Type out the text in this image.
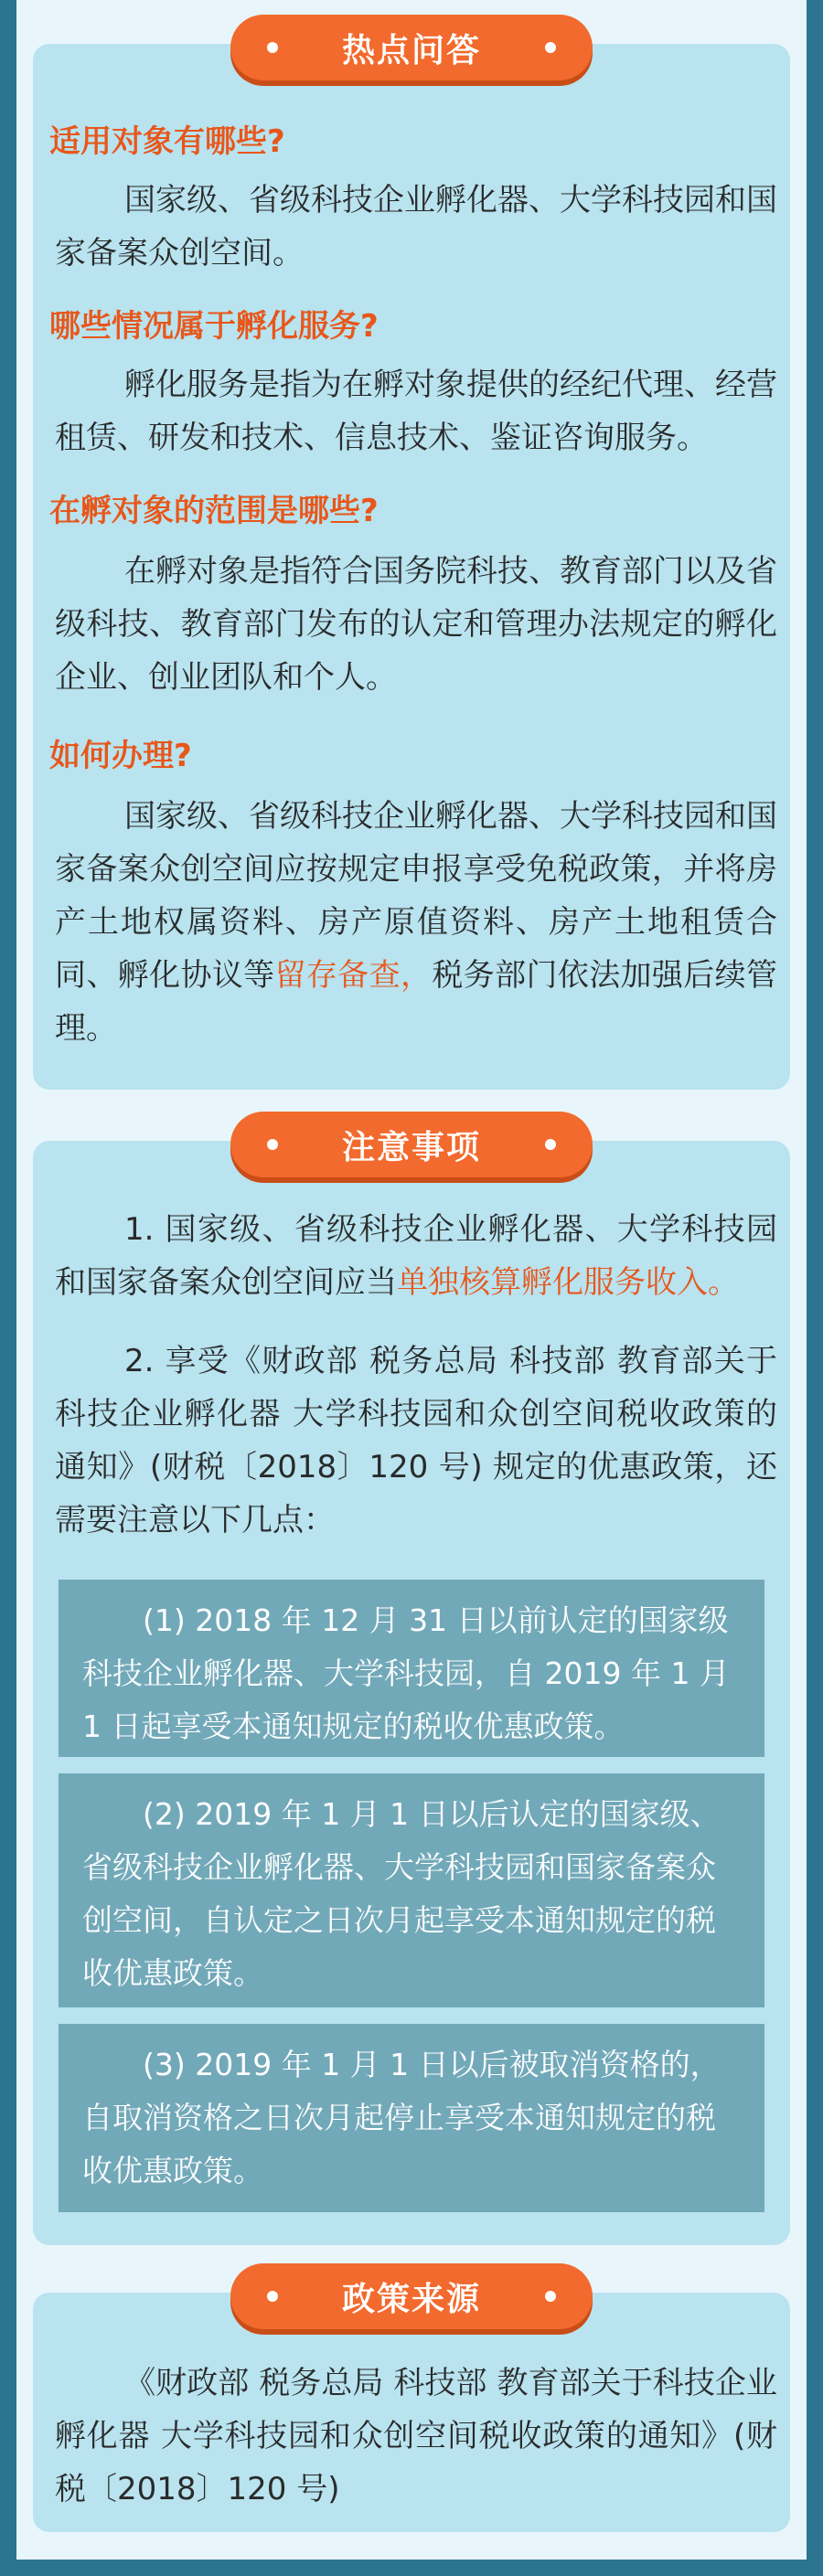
适用对象有哪些?
国家级、省级科技企业孵化器、大学科技园和国家备案众创空间。
哪些情况属于孵化服务?
孵化服务是指为在孵对象提供的经纪代理、经营租赁、研发和技术、信息技术、鉴证咨询服务。
在孵对象的范围是哪些?
在孵对象是指符合国务院科技、教育部门以及省级科技、教育部门发布的认定和管理办法规定的孵化企业、创业团队和个人。
如何办理?
国家级、省级科技企业孵化器、大学科技园和国家备案众创空间应按规定申报享受免税政策，并将房产土地权属资料、房产原值资料、房产土地租赁合同、孵化协议等留存备查，税务部门依法加强后续管理。
热点问答
1. 国家级、省级科技企业孵化器、大学科技园和国家备案众创空间应当单独核算孵化服务收入。
2. 享受《财政部 税务总局 科技部 教育部关于科技企业孵化器 大学科技园和众创空间税收政策的通知》(财税〔2018〕120 号) 规定的优惠政策，还需要注意以下几点：
(1) 2018 年 12 月 31 日以前认定的国家级科技企业孵化器、大学科技园，自 2019 年 1 月 1 日起享受本通知规定的税收优惠政策。
(2) 2019 年 1 月 1 日以后认定的国家级、省级科技企业孵化器、大学科技园和国家备案众创空间，自认定之日次月起享受本通知规定的税收优惠政策。
(3) 2019 年 1 月 1 日以后被取消资格的，自取消资格之日次月起停止享受本通知规定的税收优惠政策。
注意事项
《财政部 税务总局 科技部 教育部关于科技企业孵化器 大学科技园和众创空间税收政策的通知》(财税〔2018〕120 号)
政策来源
